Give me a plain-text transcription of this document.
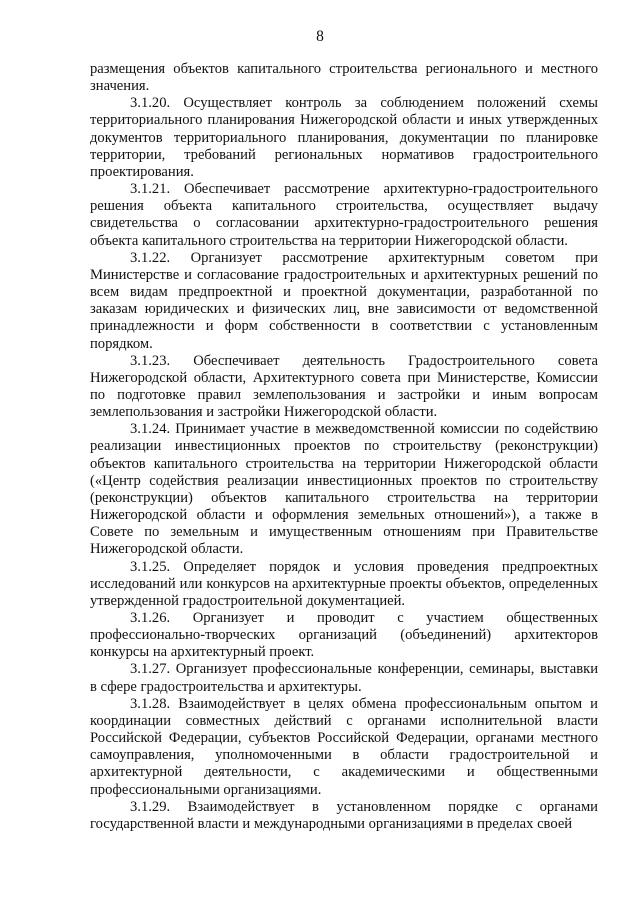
8

размещения объектов капитального строительства регионального и местного значения.

3.1.20. Осуществляет контроль за соблюдением положений схемы территориального планирования Нижегородской области и иных утвержденных документов территориального планирования, документации по планировке территории, требований региональных нормативов градостроительного проектирования.

3.1.21. Обеспечивает рассмотрение архитектурно-градостроительного решения объекта капитального строительства, осуществляет выдачу свидетельства о согласовании архитектурно-градостроительного решения объекта капитального строительства на территории Нижегородской области.

3.1.22. Организует рассмотрение архитектурным советом при Министерстве и согласование градостроительных и архитектурных решений по всем видам предпроектной и проектной документации, разработанной по заказам юридических и физических лиц, вне зависимости от ведомственной принадлежности и форм собственности в соответствии с установленным порядком.

3.1.23. Обеспечивает деятельность Градостроительного совета Нижегородской области, Архитектурного совета при Министерстве, Комиссии по подготовке правил землепользования и застройки и иным вопросам землепользования и застройки Нижегородской области.

3.1.24. Принимает участие в межведомственной комиссии по содействию реализации инвестиционных проектов по строительству (реконструкции) объектов капитального строительства на территории Нижегородской области («Центр содействия реализации инвестиционных проектов по строительству (реконструкции) объектов капитального строительства на территории Нижегородской области и оформления земельных отношений»), а также в Совете по земельным и имущественным отношениям при Правительстве Нижегородской области.

3.1.25. Определяет порядок и условия проведения предпроектных исследований или конкурсов на архитектурные проекты объектов, определенных утвержденной градостроительной документацией.

3.1.26. Организует и проводит с участием общественных профессионально-творческих организаций (объединений) архитекторов конкурсы на архитектурный проект.

3.1.27. Организует профессиональные конференции, семинары, выставки в сфере градостроительства и архитектуры.

3.1.28. Взаимодействует в целях обмена профессиональным опытом и координации совместных действий с органами исполнительной власти Российской Федерации, субъектов Российской Федерации, органами местного самоуправления, уполномоченными в области градостроительной и архитектурной деятельности, с академическими и общественными профессиональными организациями.

3.1.29. Взаимодействует в установленном порядке с органами государственной власти и международными организациями в пределах своей
